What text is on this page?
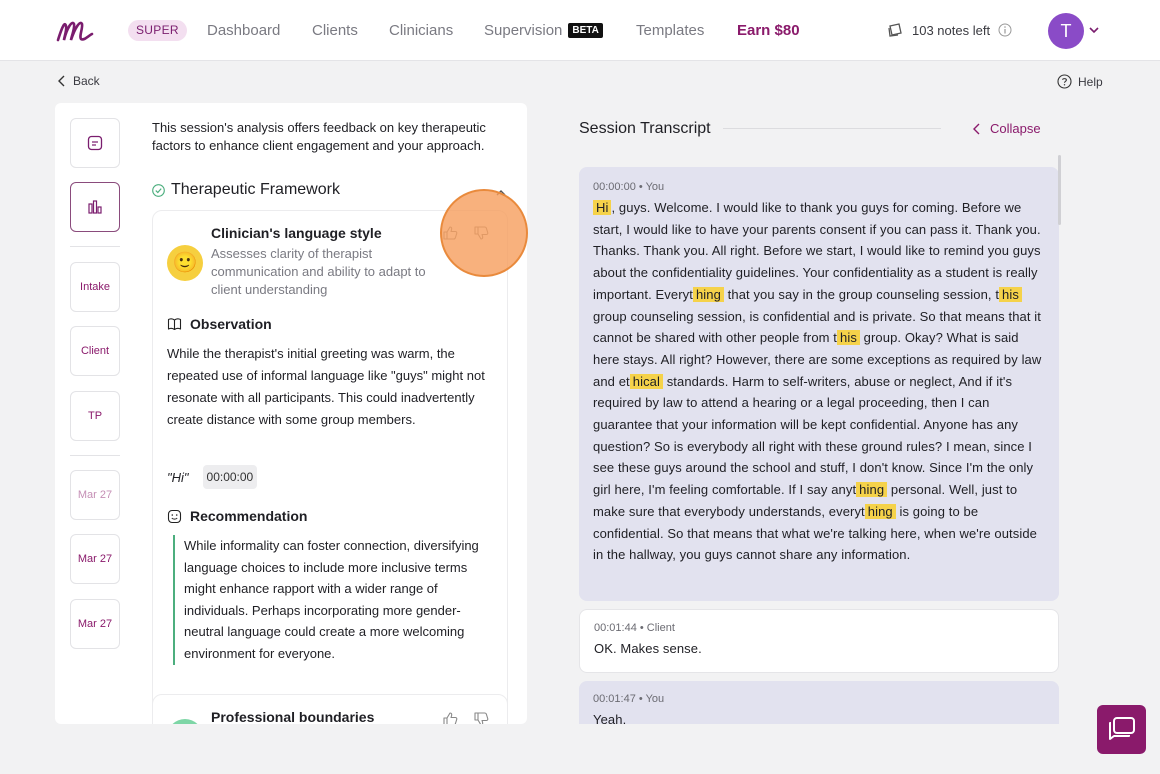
SUPER	Dashboard Clients Clinicians Supervision BETA Templates Earn $80	103 notes left	T
Back	Help
Intake
Client
TP
Mar 27
Mar 27
Mar 27

This session's analysis offers feedback on key therapeutic factors to enhance client engagement and your approach.

Therapeutic Framework
🙂
Clinician's language style
Assesses clarity of therapist communication and ability to adapt to client understanding
Observation

While the therapist's initial greeting was warm, the repeated use of informal language like "guys" might not resonate with all participants. This could inadvertently create distance with some group members.

"Hi"	00:00:00
Recommendation

While informality can foster connection, diversifying language choices to include more inclusive terms might enhance rapport with a wider range of individuals. Perhaps incorporating more gender-neutral language could create a more welcoming environment for everyone.

Professional boundaries
Session Transcript	Collapse
00:00:00 • You
Hi , guys. Welcome. I would like to thank you guys for coming. Before we start, I would like to have your parents consent if you can pass it. Thank you. Thanks. Thank you. All right. Before we start, I would like to remind you guys about the confidentiality guidelines. Your confidentiality as a student is really important. Everyt hing that you say in the group counseling session, t his group counseling session, is confidential and is private. So that means that it cannot be shared with other people from t his group. Okay? What is said here stays. All right? However, there are some exceptions as required by law and et hical standards. Harm to self-writers, abuse or neglect, And if it's required by law to attend a hearing or a legal proceeding, then I can guarantee that your information will be kept confidential. Anyone has any question? So is everybody all right with these ground rules? I mean, since I see these guys around the school and stuff, I don't know. Since I'm the only girl here, I'm feeling comfortable. If I say anyt hing personal. Well, just to make sure that everybody understands, everyt hing is going to be confidential. So that means that what we're talking here, when we're outside in the hallway, you guys cannot share any information.
00:01:44 • Client
OK. Makes sense.
00:01:47 • You
Yeah.
